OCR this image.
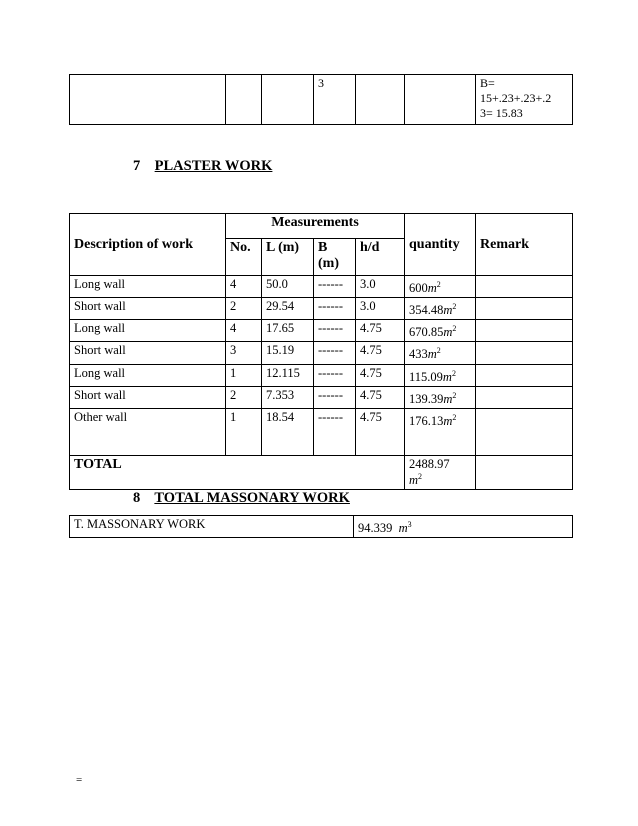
			3			B=
15+.23+.23+.2
3= 15.83
7 PLASTER WORK
Description of work	Measurements				quantity	Remark
	No.	L (m)	B (m)	h/d		
Long wall	4	50.0	------	3.0	$600m^2$	
Short wall	2	29.54	------	3.0	$354.48m^2$	
Long wall	4	17.65	------	4.75	$670.85m^2$	
Short wall	3	15.19	------	4.75	$433m^2$	
Long wall	1	12.115	------	4.75	$115.09m^2$	
Short wall	2	7.353	------	4.75	$139.39m^2$	
Other wall	1	18.54	------	4.75	$176.13m^2$	
TOTAL					2488.97
$m^2$	
8 TOTAL MASSONARY WORK
T. MASSONARY WORK	94.339 $m^3$
=
